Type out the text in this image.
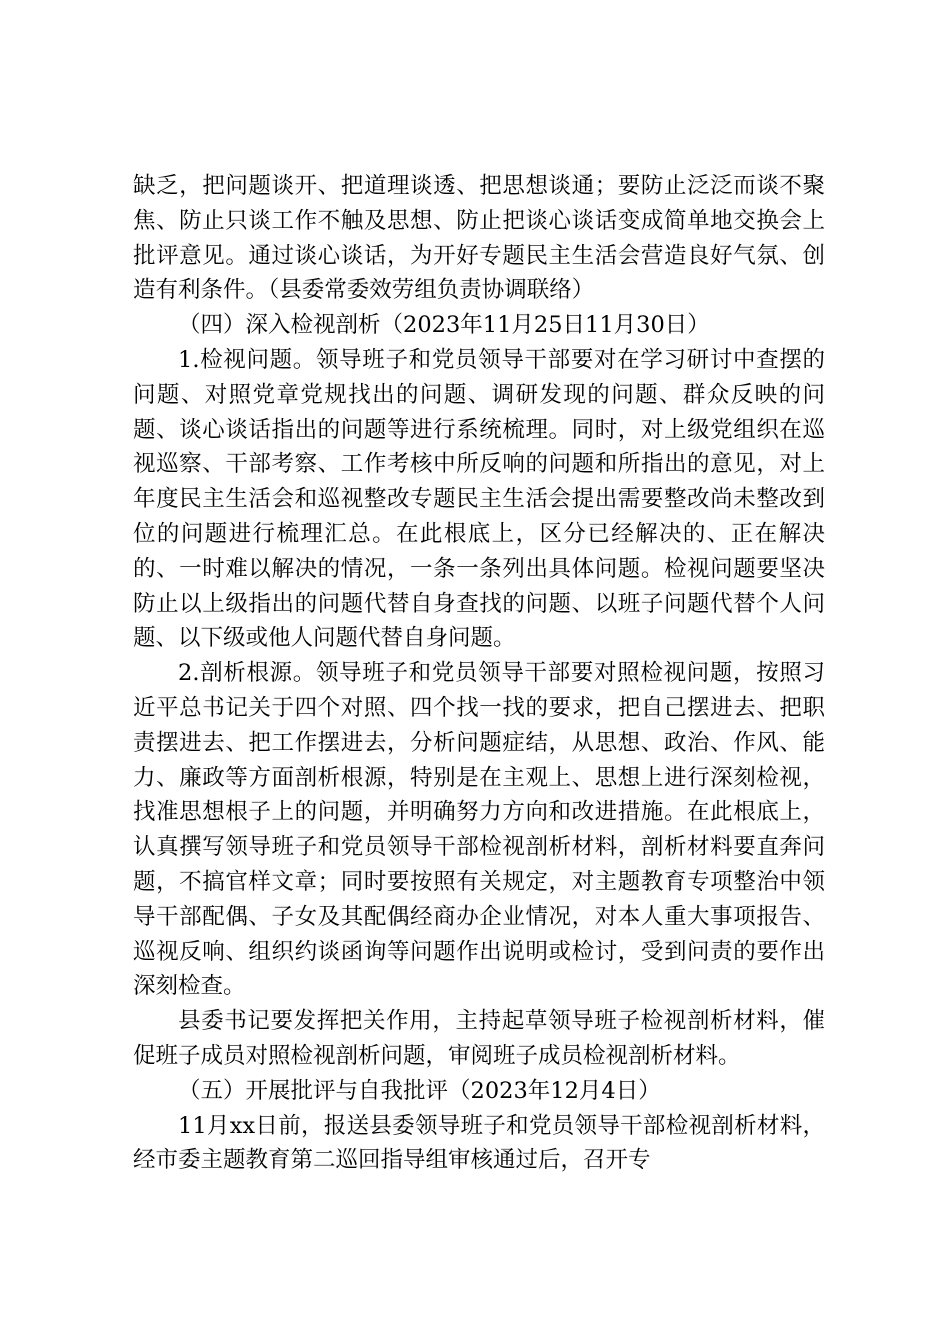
缺乏，把问题谈开、把道理谈透、把思想谈通；要防止泛泛而谈不聚焦、防止只谈工作不触及思想、防止把谈心谈话变成简单地交换会上批评意见。通过谈心谈话，为开好专题民主生活会营造良好气氛、创造有利条件。（县委常委效劳组负责协调联络）

（四）深入检视剖析（2023年11月25日11月30日）

1.检视问题。领导班子和党员领导干部要对在学习研讨中查摆的问题、对照党章党规找出的问题、调研发现的问题、群众反映的问题、谈心谈话指出的问题等进行系统梳理。同时，对上级党组织在巡视巡察、干部考察、工作考核中所反响的问题和所指出的意见，对上年度民主生活会和巡视整改专题民主生活会提出需要整改尚未整改到位的问题进行梳理汇总。在此根底上，区分已经解决的、正在解决的、一时难以解决的情况，一条一条列出具体问题。检视问题要坚决防止以上级指出的问题代替自身查找的问题、以班子问题代替个人问题、以下级或他人问题代替自身问题。

2.剖析根源。领导班子和党员领导干部要对照检视问题，按照习近平总书记关于四个对照、四个找一找的要求，把自己摆进去、把职责摆进去、把工作摆进去，分析问题症结，从思想、政治、作风、能力、廉政等方面剖析根源，特别是在主观上、思想上进行深刻检视，找准思想根子上的问题，并明确努力方向和改进措施。在此根底上，认真撰写领导班子和党员领导干部检视剖析材料，剖析材料要直奔问题，不搞官样文章；同时要按照有关规定，对主题教育专项整治中领导干部配偶、子女及其配偶经商办企业情况，对本人重大事项报告、巡视反响、组织约谈函询等问题作出说明或检讨，受到问责的要作出深刻检查。

县委书记要发挥把关作用，主持起草领导班子检视剖析材料，催促班子成员对照检视剖析问题，审阅班子成员检视剖析材料。

（五）开展批评与自我批评（2023年12月4日）

11月xx日前，报送县委领导班子和党员领导干部检视剖析材料，经市委主题教育第二巡回指导组审核通过后，召开专
